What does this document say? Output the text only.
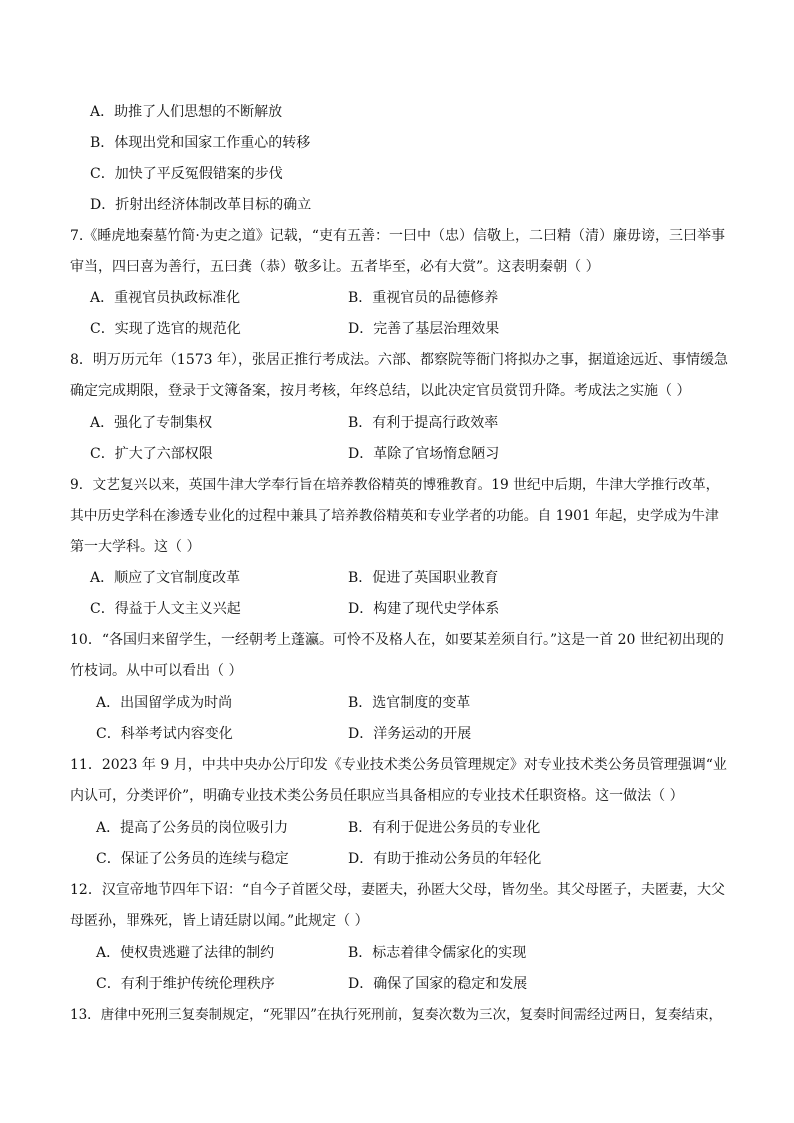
A．助推了人们思想的不断解放
B．体现出党和国家工作重心的转移
C．加快了平反冤假错案的步伐
D．折射出经济体制改革目标的确立
7.《睡虎地秦墓竹简·为吏之道》记载，“吏有五善：一曰中（忠）信敬上，二曰精（清）廉毋谤，三曰举事
审当，四曰喜为善行，五曰龚（恭）敬多让。五者毕至，必有大赏”。这表明秦朝（ ）
A．重视官员执政标准化	B．重视官员的品德修养
C．实现了选官的规范化	D．完善了基层治理效果
8．明万历元年（1573 年），张居正推行考成法。六部、都察院等衙门将拟办之事，据道途远近、事情缓急
确定完成期限，登录于文簿备案，按月考核，年终总结，以此决定官员赏罚升降。考成法之实施（ ）
A．强化了专制集权	B．有利于提高行政效率
C．扩大了六部权限	D．革除了官场惰怠陋习
9．文艺复兴以来，英国牛津大学奉行旨在培养教俗精英的博雅教育。19 世纪中后期，牛津大学推行改革，
其中历史学科在渗透专业化的过程中兼具了培养教俗精英和专业学者的功能。自 1901 年起，史学成为牛津
第一大学科。这（ ）
A．顺应了文官制度改革	B．促进了英国职业教育
C．得益于人文主义兴起	D．构建了现代史学体系
10．“各国归来留学生，一经朝考上蓬瀛。可怜不及格人在，如要某差须自行。”这是一首 20 世纪初出现的
竹枝词。从中可以看出（ ）
A．出国留学成为时尚	B．选官制度的变革
C．科举考试内容变化	D．洋务运动的开展
11．2023 年 9 月，中共中央办公厅印发《专业技术类公务员管理规定》对专业技术类公务员管理强调“业
内认可，分类评价”，明确专业技术类公务员任职应当具备相应的专业技术任职资格。这一做法（ ）
A．提高了公务员的岗位吸引力	B．有利于促进公务员的专业化
C．保证了公务员的连续与稳定	D．有助于推动公务员的年轻化
12．汉宣帝地节四年下诏：“自今子首匿父母，妻匿夫，孙匿大父母，皆勿坐。其父母匿子，夫匿妻，大父
母匿孙，罪殊死，皆上请廷尉以闻。”此规定（ ）
A．使权贵逃避了法律的制约	B．标志着律令儒家化的实现
C．有利于维护传统伦理秩序	D．确保了国家的稳定和发展
13．唐律中死刑三复奏制规定，“死罪囚”在执行死刑前，复奏次数为三次，复奏时间需经过两日，复奏结束，
